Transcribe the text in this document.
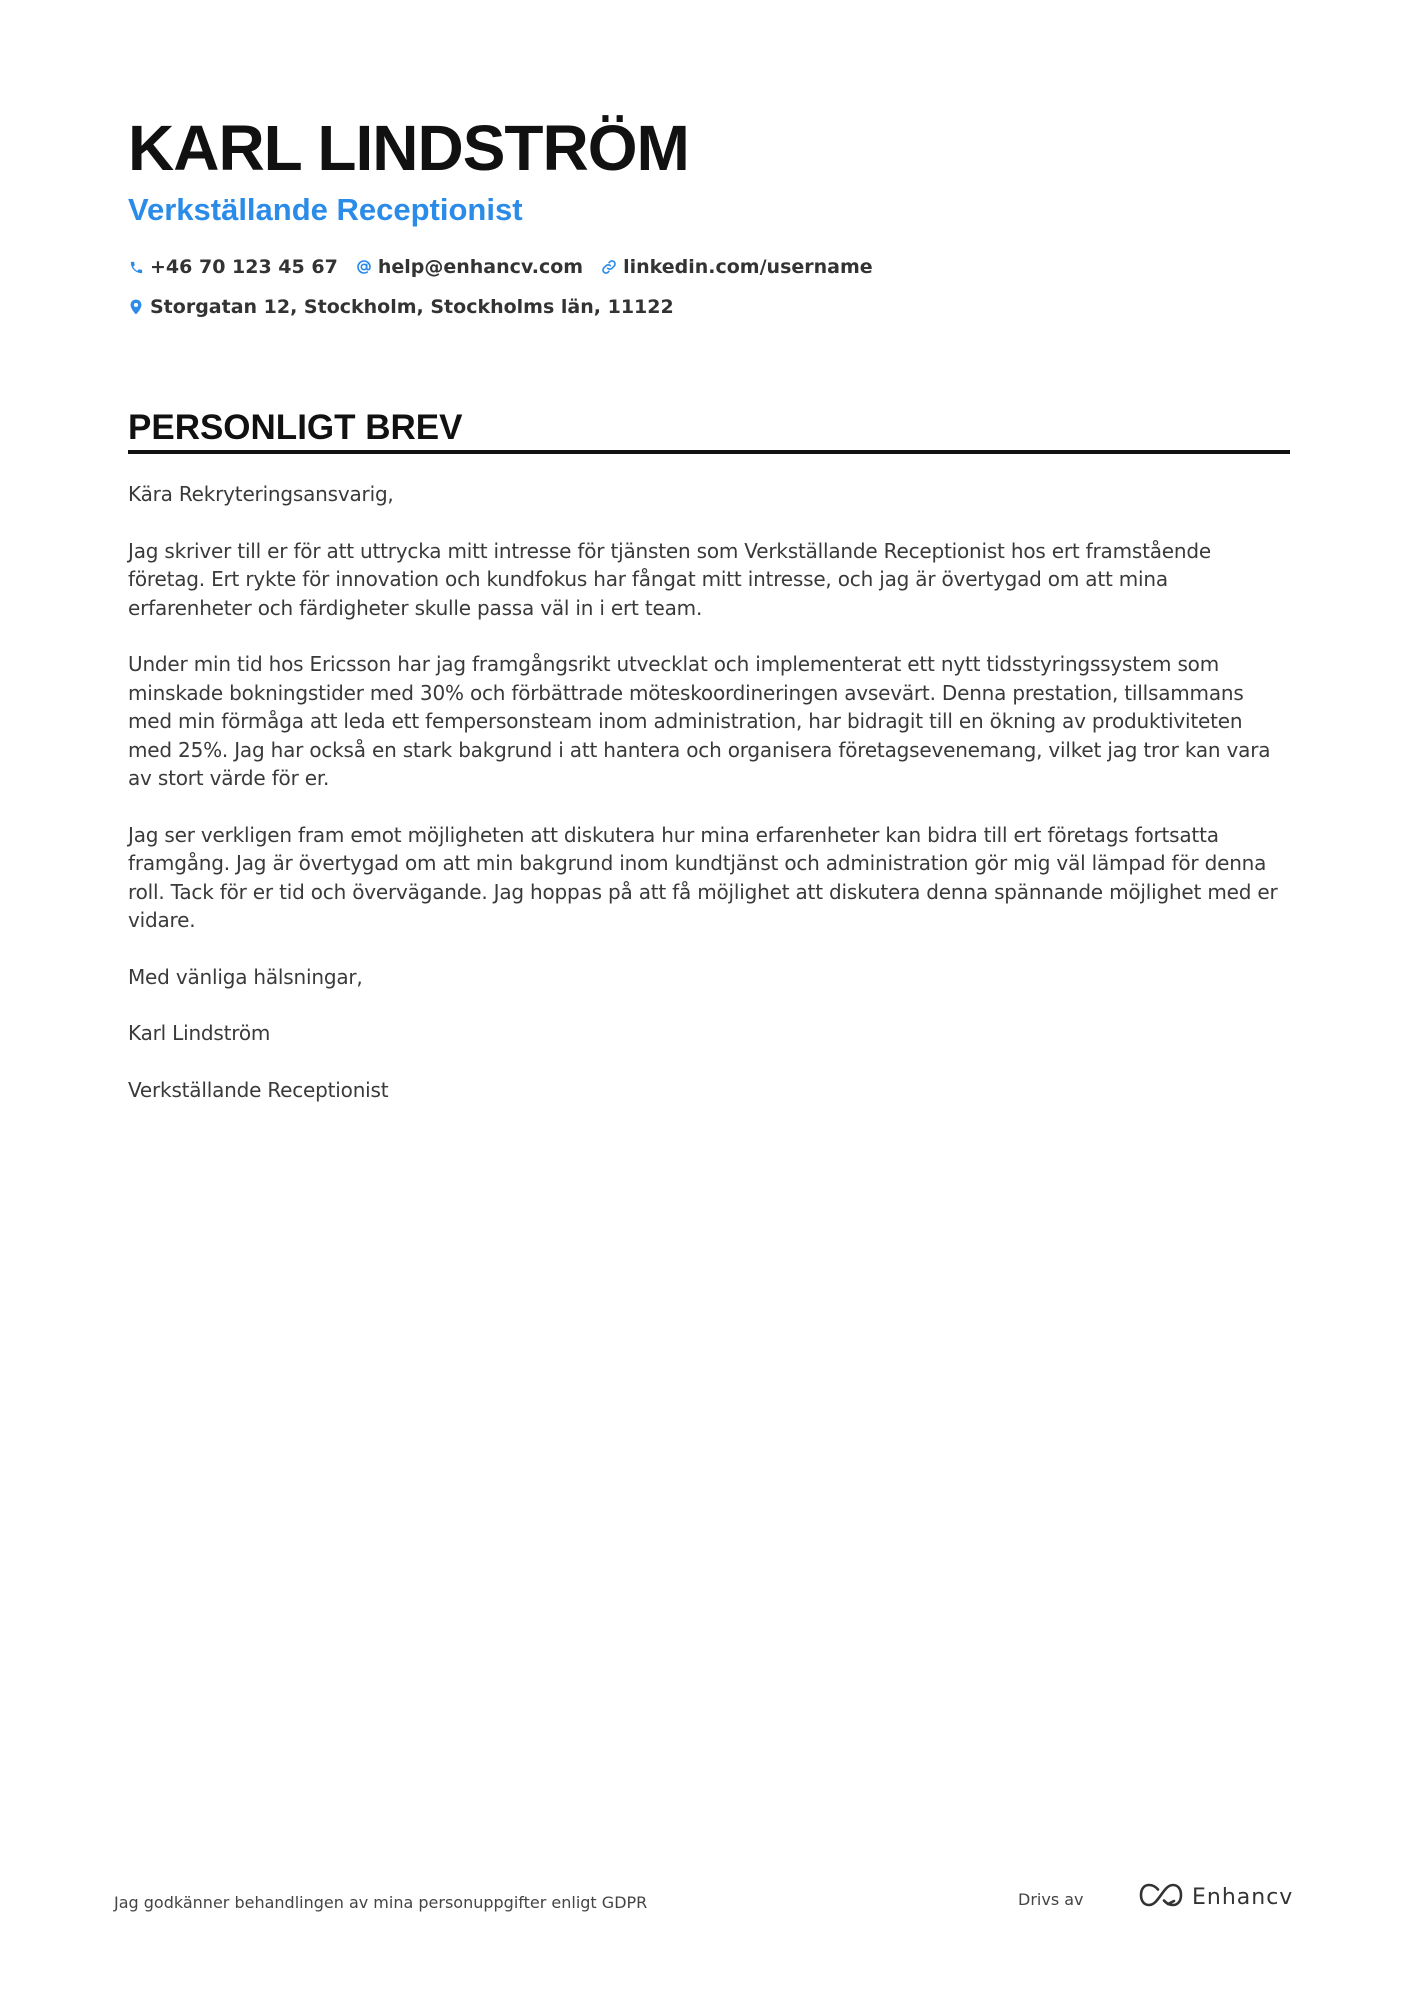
KARL LINDSTRÖM
Verkställande Receptionist
+46 70 123 45 67 help@enhancv.com linkedin.com/username
Storgatan 12, Stockholm, Stockholms län, 11122
PERSONLIGT BREV

Kära Rekryteringsansvarig,

Jag skriver till er för att uttrycka mitt intresse för tjänsten som Verkställande Receptionist hos ert framstående företag. Ert rykte för innovation och kundfokus har fångat mitt intresse, och jag är övertygad om att mina erfarenheter och färdigheter skulle passa väl in i ert team.

Under min tid hos Ericsson har jag framgångsrikt utvecklat och implementerat ett nytt tidsstyringssystem som minskade bokningstider med 30% och förbättrade möteskoordineringen avsevärt. Denna prestation, tillsammans med min förmåga att leda ett fempersonsteam inom administration, har bidragit till en ökning av produktiviteten med 25%. Jag har också en stark bakgrund i att hantera och organisera företagsevenemang, vilket jag tror kan vara av stort värde för er.

Jag ser verkligen fram emot möjligheten att diskutera hur mina erfarenheter kan bidra till ert företags fortsatta framgång. Jag är övertygad om att min bakgrund inom kundtjänst och administration gör mig väl lämpad för denna roll. Tack för er tid och övervägande. Jag hoppas på att få möjlighet att diskutera denna spännande möjlighet med er vidare.

Med vänliga hälsningar,

Karl Lindström

Verkställande Receptionist

Jag godkänner behandlingen av mina personuppgifter enligt GDPR	Drivs av	Enhancv
